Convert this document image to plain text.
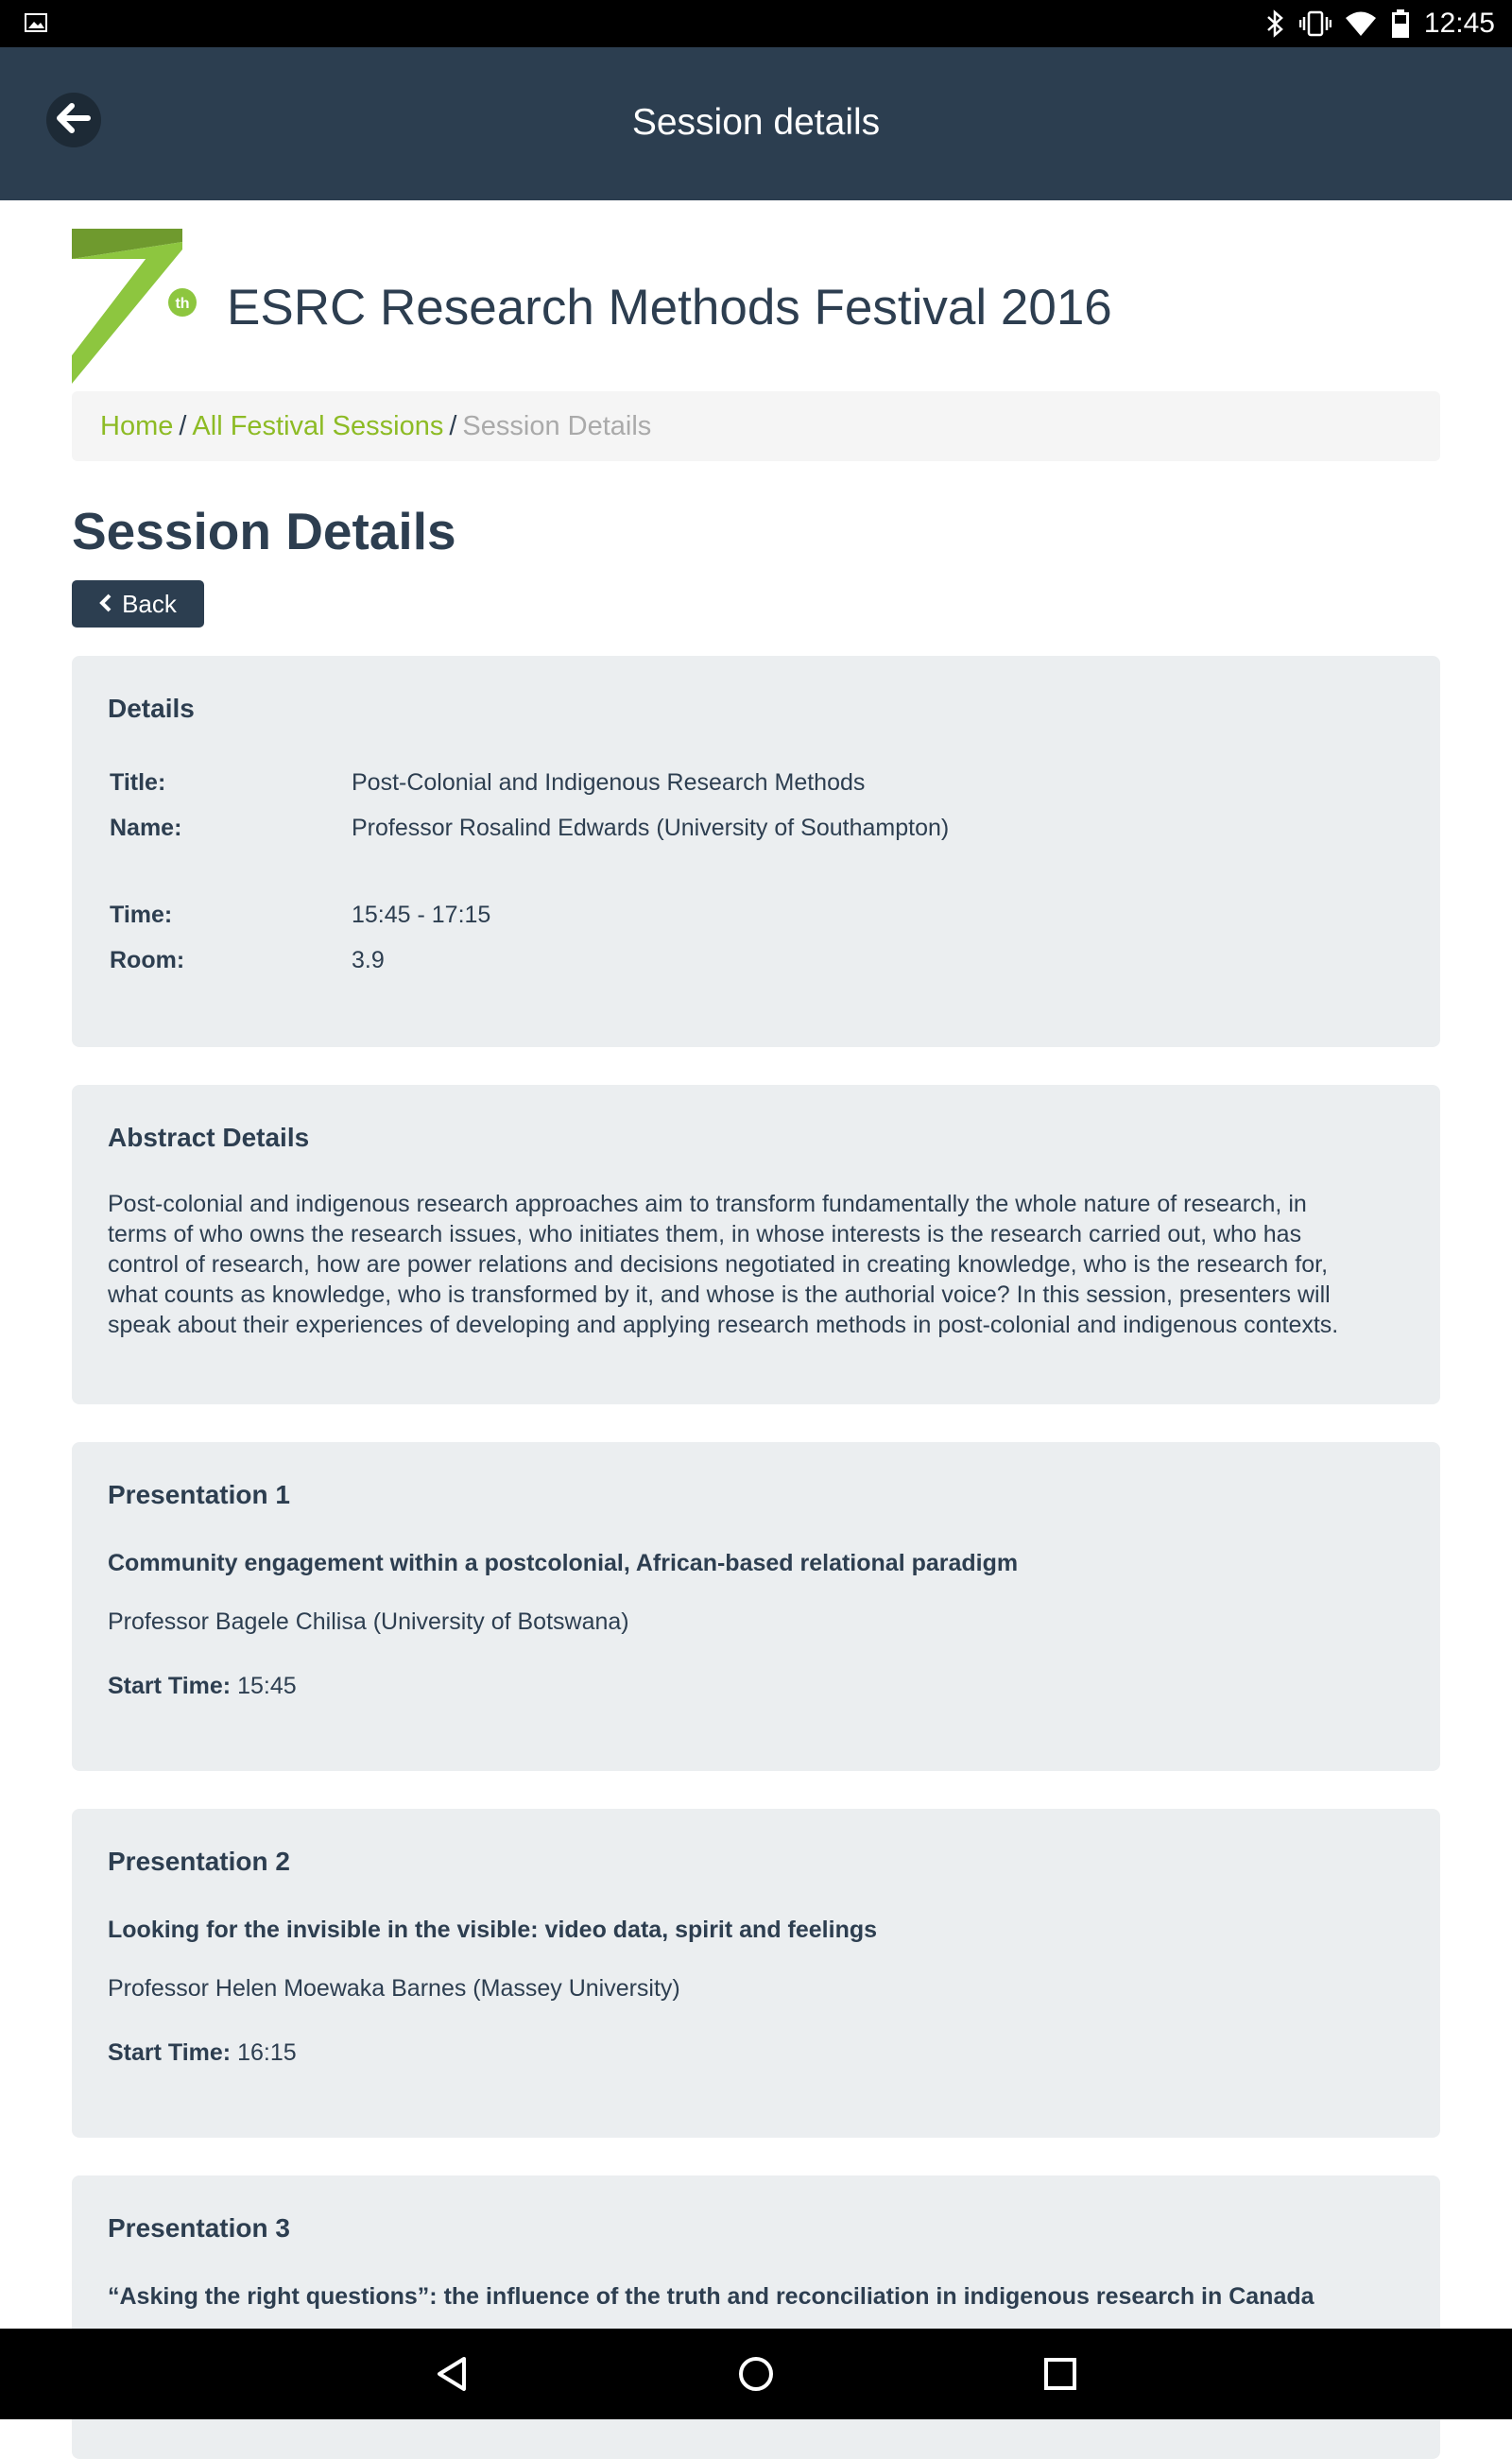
12:45
Session details
th ESRC Research Methods Festival 2016
Home / All Festival Sessions / Session Details
Session Details
Back
Details
Title:	Post-Colonial and Indigenous Research Methods
Name:	Professor Rosalind Edwards (University of Southampton)
Time:	15:45 - 17:15
Room:	3.9
Abstract Details
Post-colonial and indigenous research approaches aim to transform fundamentally the whole nature of research, in
terms of who owns the research issues, who initiates them, in whose interests is the research carried out, who has
control of research, how are power relations and decisions negotiated in creating knowledge, who is the research for,
what counts as knowledge, who is transformed by it, and whose is the authorial voice? In this session, presenters will
speak about their experiences of developing and applying research methods in post-colonial and indigenous contexts.
Presentation 1
Community engagement within a postcolonial, African-based relational paradigm
Professor Bagele Chilisa (University of Botswana)
Start Time: 15:45
Presentation 2
Looking for the invisible in the visible: video data, spirit and feelings
Professor Helen Moewaka Barnes (Massey University)
Start Time: 16:15
Presentation 3
“Asking the right questions”: the influence of the truth and reconciliation in indigenous research in Canada
